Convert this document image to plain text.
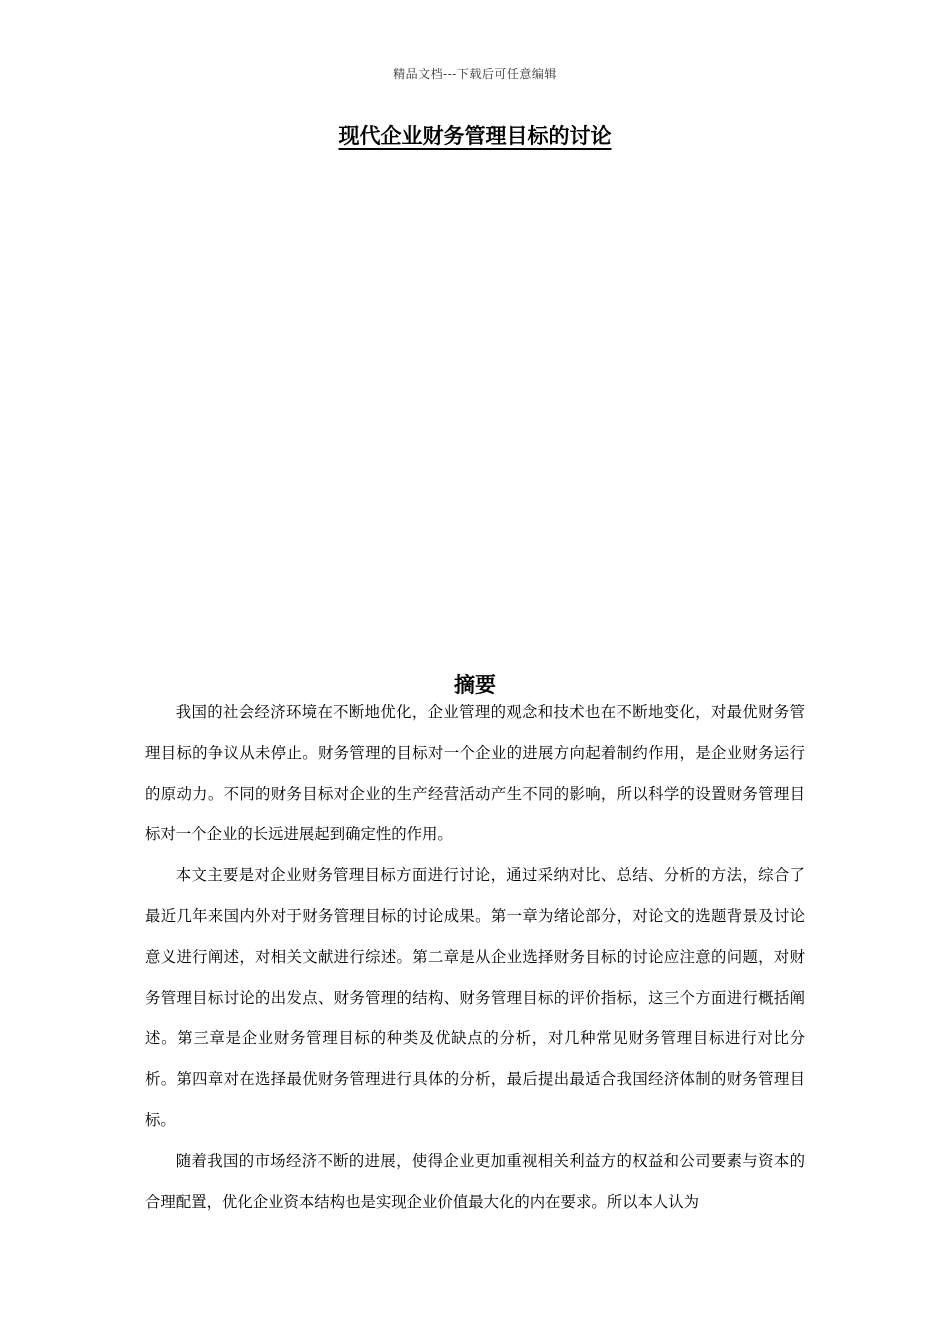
精品文档---下载后可任意编辑
现代企业财务管理目标的讨论
摘要

我国的社会经济环境在不断地优化，企业管理的观念和技术也在不断地变化，对最优财务管理目标的争议从未停止。财务管理的目标对一个企业的进展方向起着制约作用，是企业财务运行的原动力。不同的财务目标对企业的生产经营活动产生不同的影响，所以科学的设置财务管理目标对一个企业的长远进展起到确定性的作用。

本文主要是对企业财务管理目标方面进行讨论，通过采纳对比、总结、分析的方法，综合了最近几年来国内外对于财务管理目标的讨论成果。第一章为绪论部分，对论文的选题背景及讨论意义进行阐述，对相关文献进行综述。第二章是从企业选择财务目标的讨论应注意的问题，对财务管理目标讨论的出发点、财务管理的结构、财务管理目标的评价指标，这三个方面进行概括阐述。第三章是企业财务管理目标的种类及优缺点的分析，对几种常见财务管理目标进行对比分析。第四章对在选择最优财务管理进行具体的分析，最后提出最适合我国经济体制的财务管理目标。

随着我国的市场经济不断的进展，使得企业更加重视相关利益方的权益和公司要素与资本的合理配置，优化企业资本结构也是实现企业价值最大化的内在要求。所以本人认为
